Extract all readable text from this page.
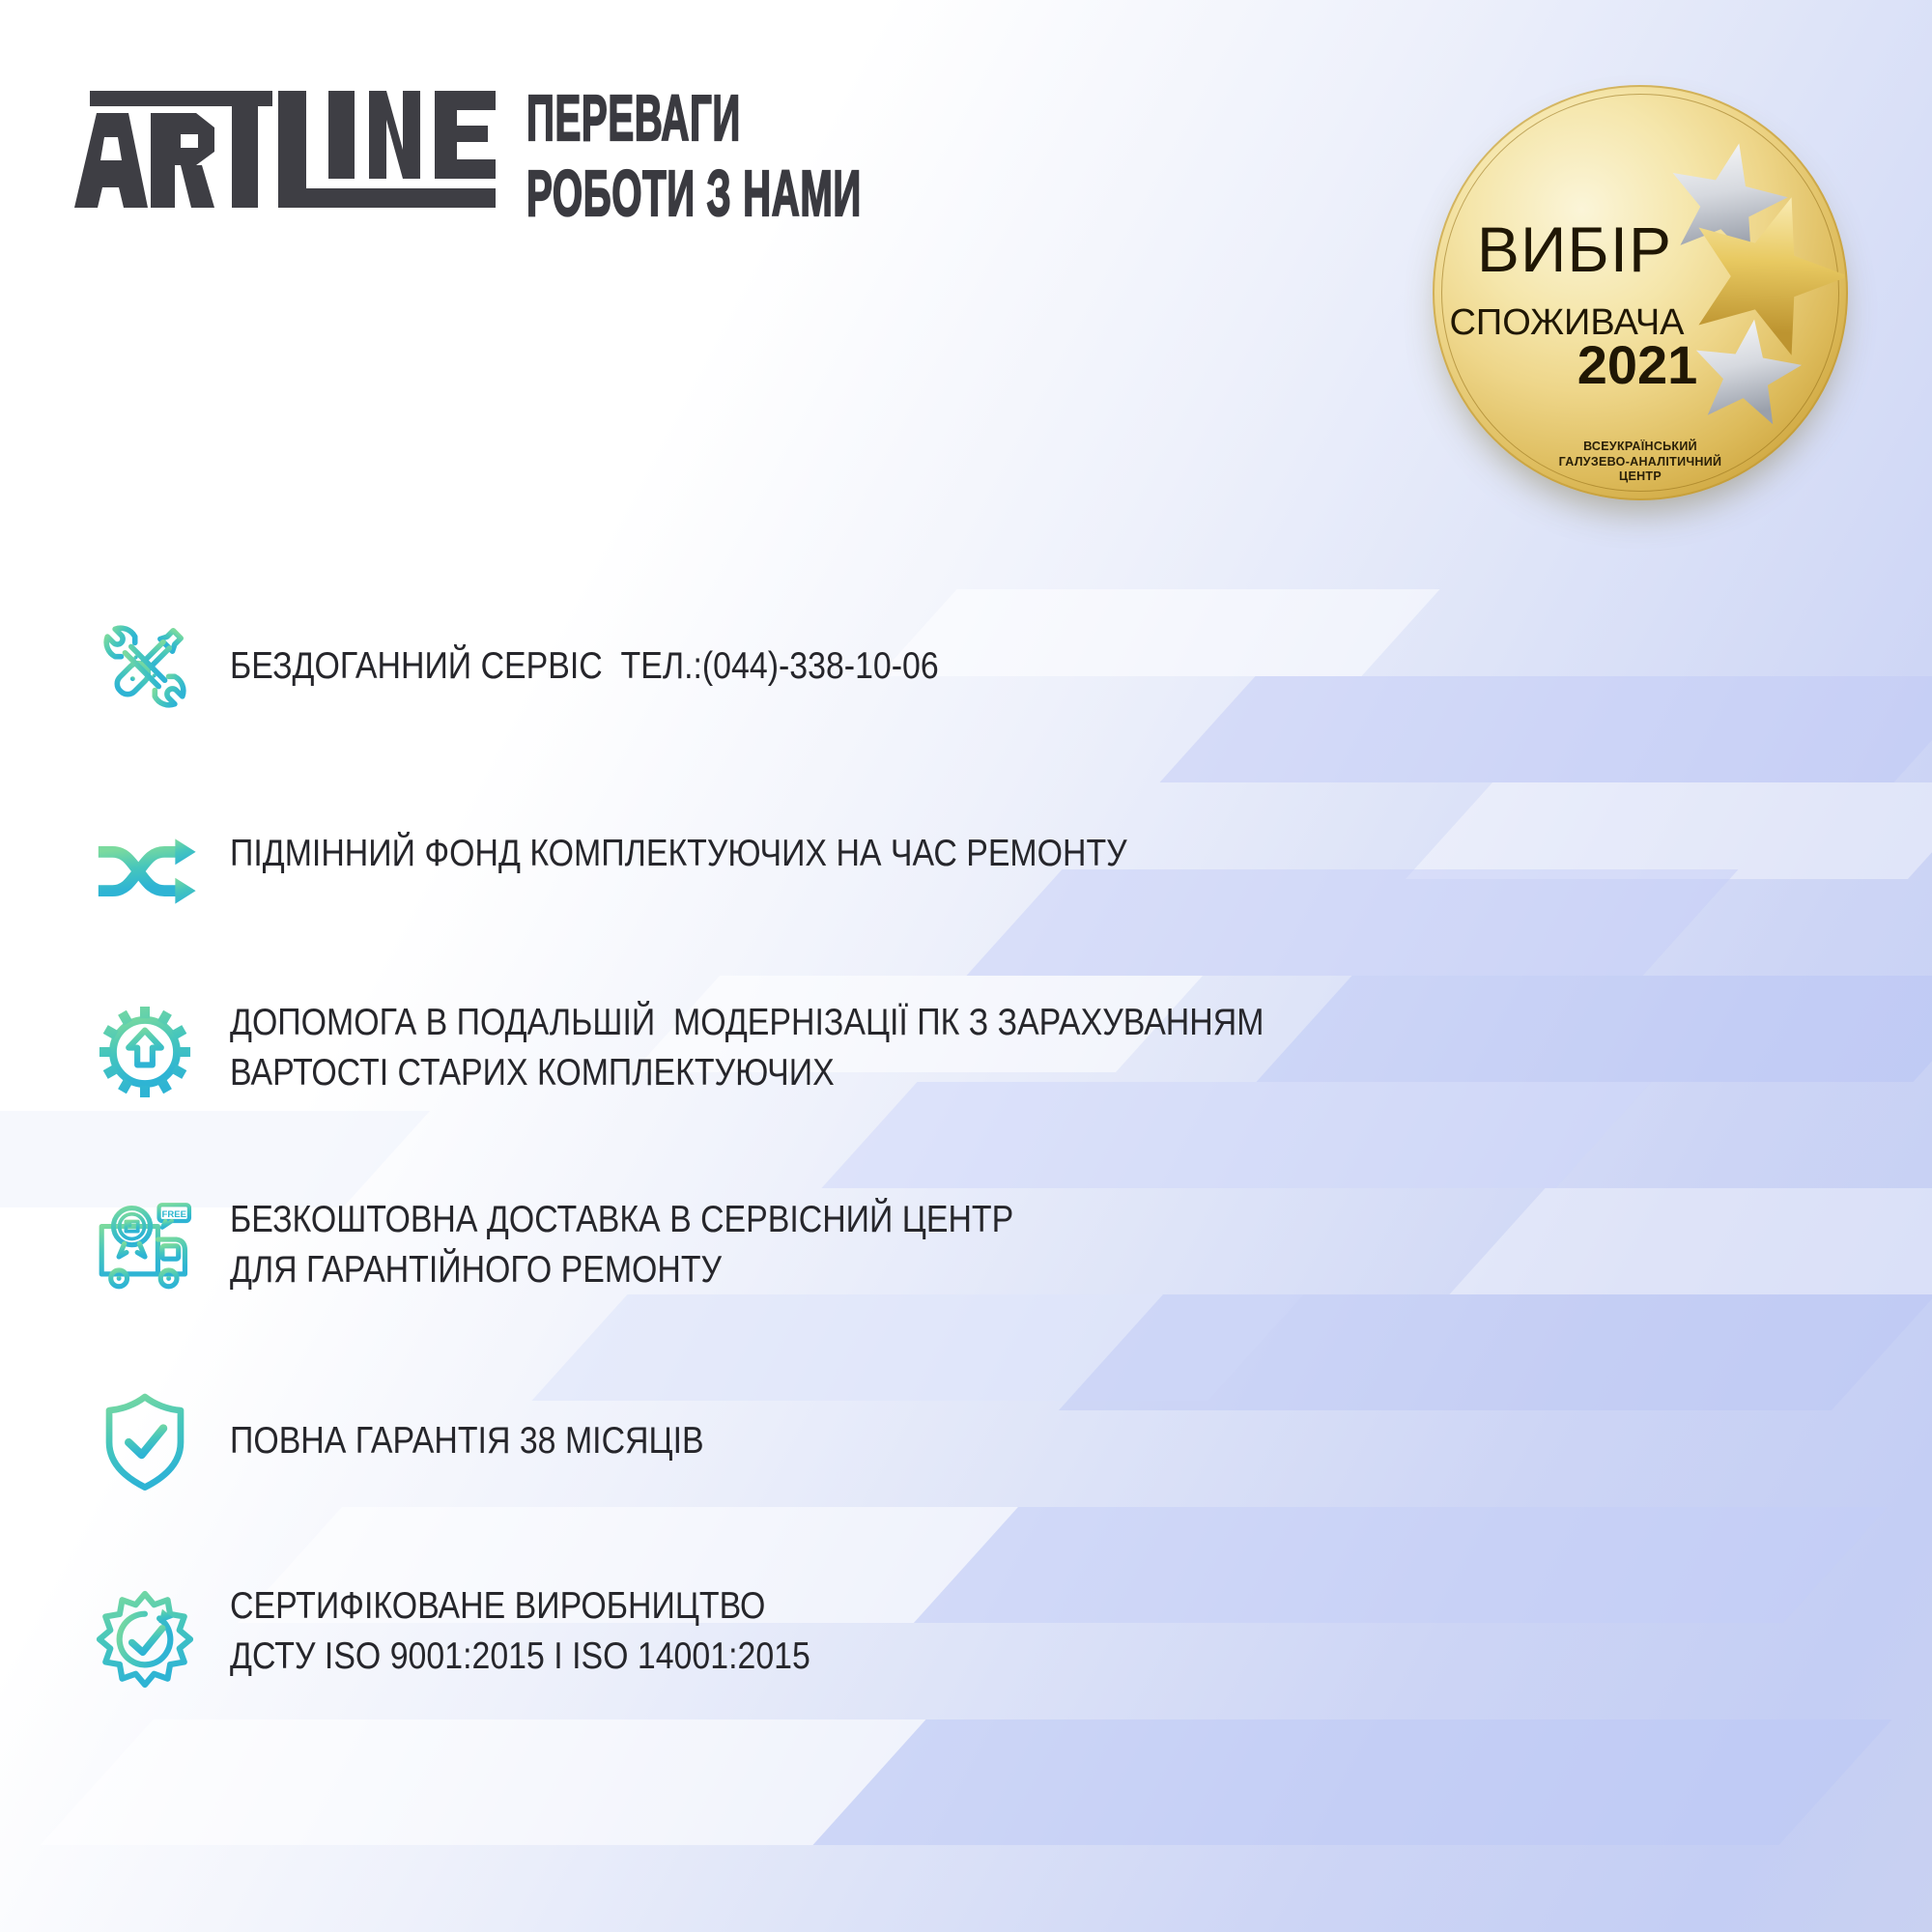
ПЕРЕВАГИ
РОБОТИ З НАМИ
ВИБІР
СПОЖИВАЧА
2021
ВСЕУКРАЇНСЬКИЙ
ГАЛУЗЕВО-АНАЛІТИЧНИЙ
ЦЕНТР
БЕЗДОГАННИЙ СЕРВІС  ТЕЛ.:(044)-338-10-06
ПІДМІННИЙ ФОНД КОМПЛЕКТУЮЧИХ НА ЧАС РЕМОНТУ
ДОПОМОГА В ПОДАЛЬШІЙ  МОДЕРНІЗАЦІЇ ПК З ЗАРАХУВАННЯМ
ВАРТОСТІ СТАРИХ КОМПЛЕКТУЮЧИХ
FREE БЕЗКОШТОВНА ДОСТАВКА В СЕРВІСНИЙ ЦЕНТР
ДЛЯ ГАРАНТІЙНОГО РЕМОНТУ
ПОВНА ГАРАНТІЯ 38 МІСЯЦІВ
СЕРТИФІКОВАНЕ ВИРОБНИЦТВО
ДСТУ ISO 9001:2015 І ISO 14001:2015
